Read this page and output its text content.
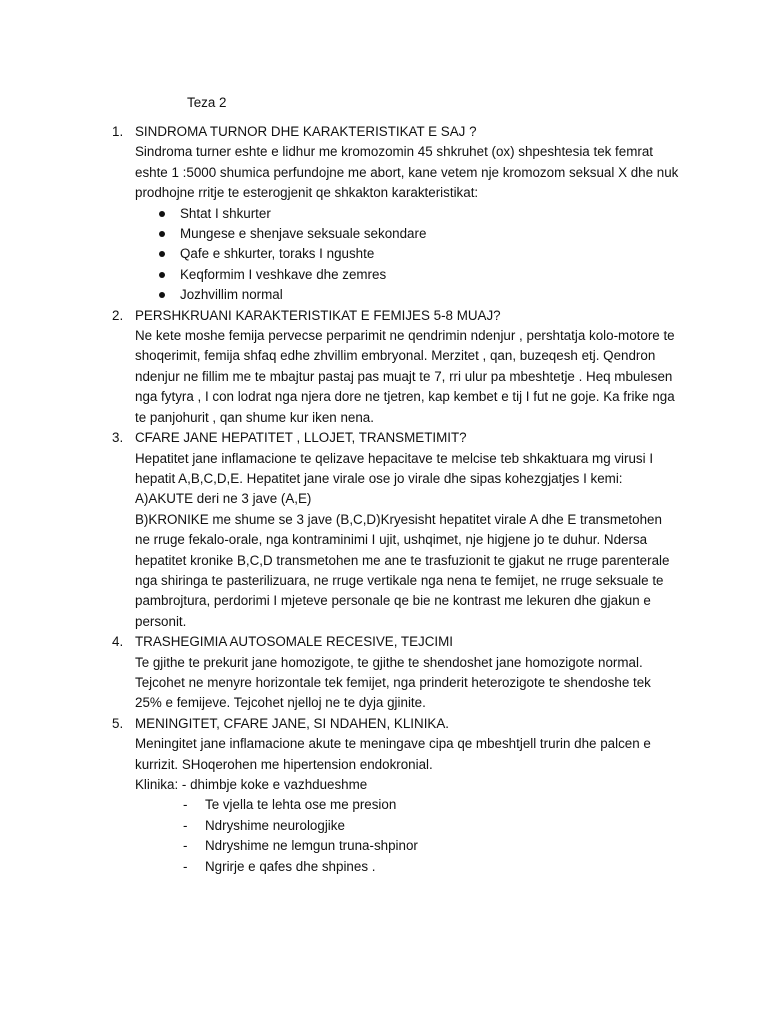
Teza 2
1. SINDROMA TURNOR DHE KARAKTERISTIKAT E SAJ ?

Sindroma turner eshte e lidhur me kromozomin 45 shkruhet (ox) shpeshtesia tek femrat eshte 1 :5000 shumica perfundojne me abort, kane vetem nje kromozom seksual X dhe nuk prodhojne rritje te esterogjenit qe shkakton karakteristikat:

Shtat I shkurter
Mungese e shenjave seksuale sekondare
Qafe e shkurter, toraks I ngushte
Keqformim I veshkave dhe zemres
Jozhvillim normal
2. PERSHKRUANI KARAKTERISTIKAT E FEMIJES 5-8 MUAJ?

Ne kete moshe femija pervecse perparimit ne qendrimin ndenjur , pershtatja kolo-motore te shoqerimit, femija shfaq edhe zhvillim embryonal. Merzitet , qan, buzeqesh etj. Qendron ndenjur ne fillim me te mbajtur pastaj pas muajt te 7, rri ulur pa mbeshtetje . Heq mbulesen nga fytyra , I con lodrat nga njera dore ne tjetren, kap kembet e tij I fut ne goje. Ka frike nga te panjohurit , qan shume kur iken nena.

3. CFARE JANE HEPATITET , LLOJET, TRANSMETIMIT?

Hepatitet jane inflamacione te qelizave hepacitave te melcise teb shkaktuara mg virusi I hepatit A,B,C,D,E. Hepatitet jane virale ose jo virale dhe sipas kohezgjatjes I kemi:

A)AKUTE deri ne 3 jave (A,E)

B)KRONIKE me shume se 3 jave (B,C,D)Kryesisht hepatitet virale A dhe E transmetohen ne rruge fekalo-orale, nga kontraminimi I ujit, ushqimet, nje higjene jo te duhur. Ndersa hepatitet kronike B,C,D transmetohen me ane te trasfuzionit te gjakut ne rruge parenterale nga shiringa te pasterilizuara, ne rruge vertikale nga nena te femijet, ne rruge seksuale te pambrojtura, perdorimi I mjeteve personale qe bie ne kontrast me lekuren dhe gjakun e personit.

4. TRASHEGIMIA AUTOSOMALE RECESIVE, TEJCIMI

Te gjithe te prekurit jane homozigote, te gjithe te shendoshet jane homozigote normal. Tejcohet ne menyre horizontale tek femijet, nga prinderit heterozigote te shendoshe tek 25% e femijeve. Tejcohet njelloj ne te dyja gjinite.

5. MENINGITET, CFARE JANE, SI NDAHEN, KLINIKA.

Meningitet jane inflamacione akute te meningave cipa qe mbeshtjell trurin dhe palcen e kurrizit. SHoqerohen me hipertension endokronial.

Klinika: - dhimbje koke e vazhdueshme

- Te vjella te lehta ose me presion
- Ndryshime neurologjike
- Ndryshime ne lemgun truna-shpinor
- Ngrirje e qafes dhe shpines .
